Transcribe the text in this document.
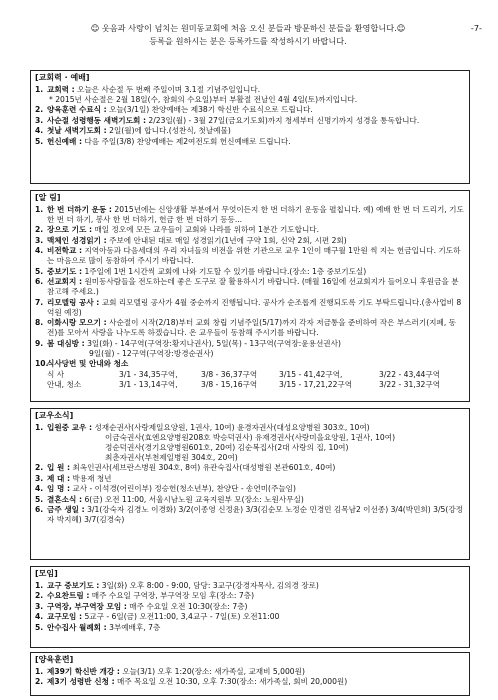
☺ 웃음과 사랑이 넘치는 원미동교회에 처음 오신 분들과 방문하신 분들을 환영합니다.☺	-7-
등록을 원하시는 분은 등록카드를 작성하시기 바랍니다.
[교회력 · 예배]
1. 교회력 : 오늘은 사순절 두 번째 주일이며 3.1절 기념주일입니다.
* 2015년 사순절은 2월 18일(수, 참회의 수요일)부터 부활절 전날인 4월 4일(토)까지입니다.
2. 양육훈련 수료식 : 오늘(3/1일) 찬양예배는 제38기 학신반 수료식으로 드립니다.
3. 사순절 성령행동 새벽기도회 : 2/23일(월) - 3월 27일(금요기도회)까지 청세부터 신명기까지 성경을 통독합니다.
4. 첫날 새벽기도회 : 2일(월)에 합니다.(성찬식, 첫날예물)
5. 헌신예배 : 다음 주일(3/8) 찬양예배는 제2여전도회 헌신예배로 드립니다.
[알 림]
1. 한 번 더하기 운동 : 2015년에는 신앙생활 부분에서 무엇이든지 한 번 더하기 운동을 펼칩니다. 예) 예배 한 번 더 드리기, 기도 한 번 더 하기, 봉사 한 번 더하기, 헌금 한 번 더하기 등등...
2. 장으로 기도 : 매일 정오에 모든 교우들이 교회와 나라를 위하여 1분간 기도합니다.
3. 맥체인 성경읽기 : 주보에 안내된 대로 매일 성경읽기(1년에 구약 1회, 신약 2회, 시편 2회)
4. 비전학교 : 지역아동과 다음세대의 우리 자녀들의 비전을 위한 기관으로 교우 1인이 매구월 1만원 씩 지는 헌금입니다. 기도하는 마음으로 많이 동참하여 주시기 바랍니다.
5. 중보기도 : 1주일에 1번 1시간씩 교회에 나와 기도할 수 있기를 바랍니다.(장소: 1층 중보기도실)
6. 선교회지 : 원미동사람들을 전도하는데 좋은 도구로 잘 활용하시기 바랍니다. (매월 16일에 선교회지가 들어오니 후원금을 분 참고해 주세요.)
7. 리모델링 공사 : 교회 리모델링 공사가 4월 중순까지 진행됩니다. 공사가 순조롭게 진행되도록 기도 부탁드립니다.(총사업비 8억원 예정)
8. 이화시랑 모으기 : 사순절이 시작(2/18)부터 교회 창립 기념주일(5/17)까지 각자 저금통을 준비하여 작은 부스러기(지폐, 동전)를 모아서 사랑을 나누도록 하겠습니다. 온 교우들이 동참해 주시기를 바랍니다.
9. 봄 대심방 : 3일(화) - 14구역(구역장:황지나권사), 5일(목) - 13구역(구역장:윤용선권사)
9일(월) - 12구역(구역장:방경순권사)
10.
식사당번 및 안내와 청소
식 사	3/1 - 34,35구역,	3/8 - 36,37구역	3/15 - 41,42구역,	3/22 - 43,44구역
안내, 청소	3/1 - 13,14구역,	3/8 - 15,16구역	3/15 - 17,21,22구역	3/22 - 31,32구역
[교우소식]
1. 입원중 교우 : 성재순권사(사랑제일요양원, 1권사, 10여) 윤경자권사(대성요양병원 303호, 10여)
이금숙권사(효엔요양병원208호 박승덕권사) 유재경권사(사랑미을요양원, 1권사, 10여)
정순덕권사(경기요양병원601호, 20여) 김순복집사(2대 사랑의 집, 10여)
최춘자권사(부천제일병원 304호, 20여)
2. 입 원 : 최옥인권사(세브란스병원 304호, 8여) 유관숙집사(대성병원 본관601호, 40여)
3. 제 대 : 박용재 청년
4. 임 명 : 교사 - 이석경(어린이부) 정승헌(청소년부), 찬양단 - 송연미(주늘임)
5. 결혼소식 : 6(금) 오전 11:00, 서울시남노원 교육지원부 모(장소: 노원사무실)
6. 금주 생일 : 3/1(강숙자 김경노 이경화) 3/2(이종영 신정윤) 3/3(김순모 노정순 민경민 김목남2 이선종) 3/4(박민희) 3/5(강정자 박지혜) 3/7(김경숙)
[모임]
1. 교구 중보기도 : 3일(화) 오후 8:00 - 9:00, 담당: 3교구(강경자목사, 김의경 장로)
2. 수요찬트림 : 매주 수요일 구역장, 부구역장 모임 후(장소: 7층)
3. 구역장, 부구역장 모임 : 매주 수요일 오전 10:30(장소: 7층)
4. 교구모임 : 5교구 - 6일(금) 오전11:00, 3,4교구 - 7일(토) 오전11:00
5. 안수집사 월례회 : 3부예배후, 7층
[양육훈련]
1. 제39기 학신반 개강 : 오늘(3/1) 오후 1:20(장소: 새가족실, 교재비 5,000원)
2. 제3기 성령반 신청 : 매주 목요일 오전 10:30, 오후 7:30(장소: 새가족실, 회비 20,000원)
